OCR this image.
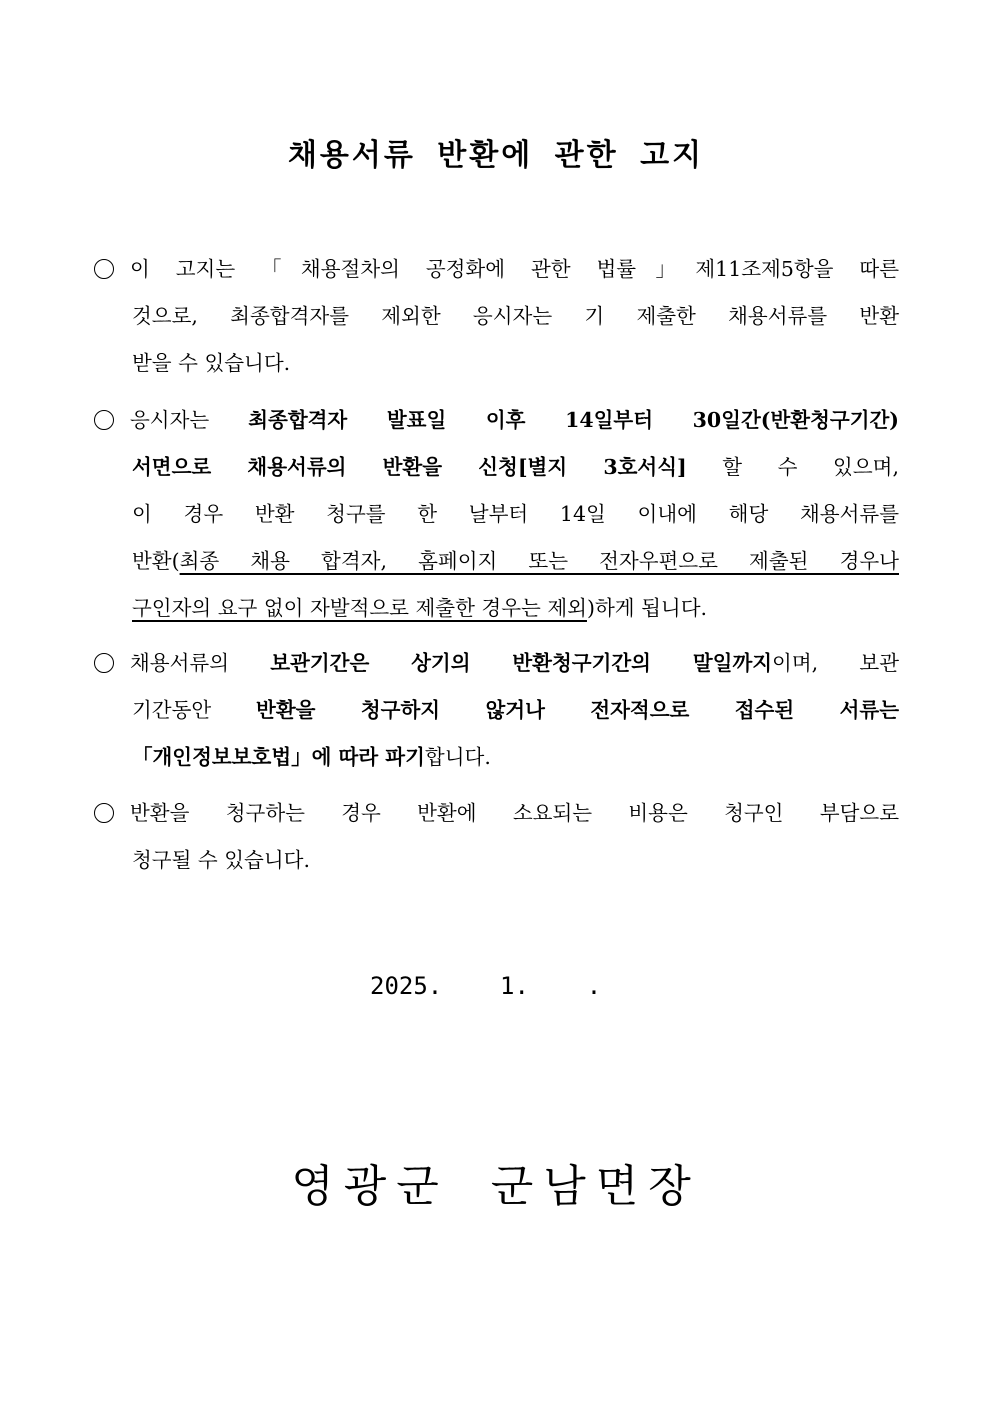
채용서류 반환에 관한 고지
이 고지는 「채용절차의 공정화에 관한 법률」제11조제5항을 따른
것으로, 최종합격자를 제외한 응시자는 기 제출한 채용서류를 반환
받을 수 있습니다.
응시자는 최종합격자 발표일 이후 14일부터 30일간(반환청구기간)
서면으로 채용서류의 반환을 신청[별지 3호서식] 할 수 있으며,
이 경우 반환 청구를 한 날부터 14일 이내에 해당 채용서류를
반환(최종 채용 합격자, 홈페이지 또는 전자우편으로 제출된 경우나
구인자의 요구 없이 자발적으로 제출한 경우는 제외)하게 됩니다.
채용서류의 보관기간은 상기의 반환청구기간의 말일까지이며, 보관
기간동안 반환을 청구하지 않거나 전자적으로 접수된 서류는
「개인정보보호법」에 따라 파기합니다.
반환을 청구하는 경우 반환에 소요되는 비용은 청구인 부담으로
청구될 수 있습니다.
2025.    1.    .
영광군 군남면장
